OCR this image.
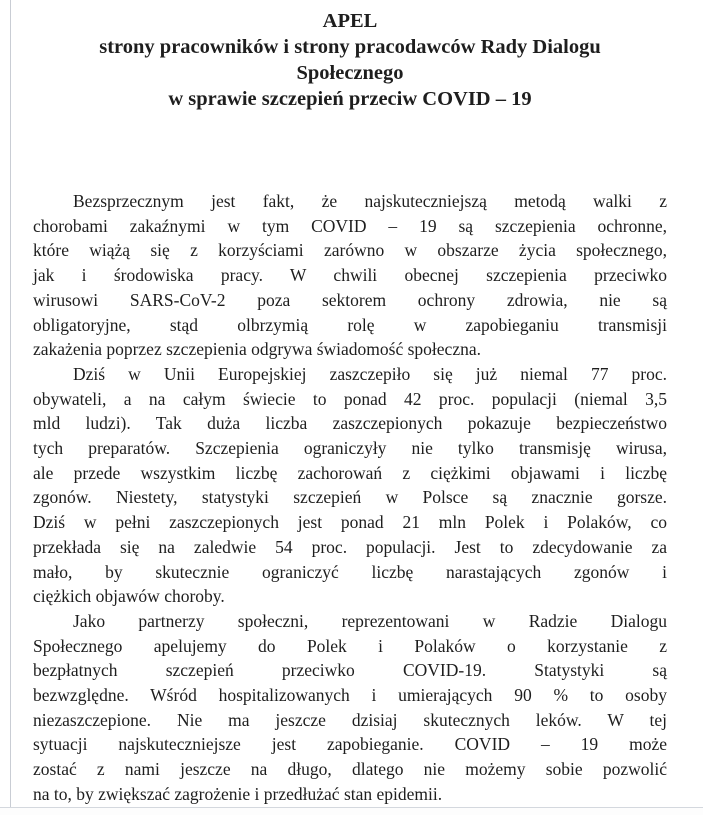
APEL
strony pracowników i strony pracodawców Rady Dialogu
Społecznego
w sprawie szczepień przeciw COVID – 19
Bezsprzecznym jest fakt, że najskuteczniejszą metodą walki z
chorobami zakaźnymi w tym COVID – 19 są szczepienia ochronne,
które wiążą się z korzyściami zarówno w obszarze życia społecznego,
jak i środowiska pracy. W chwili obecnej szczepienia przeciwko
wirusowi SARS-CoV-2 poza sektorem ochrony zdrowia, nie są
obligatoryjne, stąd olbrzymią rolę w zapobieganiu transmisji
zakażenia poprzez szczepienia odgrywa świadomość społeczna.
Dziś w Unii Europejskiej zaszczepiło się już niemal 77 proc.
obywateli, a na całym świecie to ponad 42 proc. populacji (niemal 3,5
mld ludzi). Tak duża liczba zaszczepionych pokazuje bezpieczeństwo
tych preparatów. Szczepienia ograniczyły nie tylko transmisję wirusa,
ale przede wszystkim liczbę zachorowań z ciężkimi objawami i liczbę
zgonów. Niestety, statystyki szczepień w Polsce są znacznie gorsze.
Dziś w pełni zaszczepionych jest ponad 21 mln Polek i Polaków, co
przekłada się na zaledwie 54 proc. populacji. Jest to zdecydowanie za
mało, by skutecznie ograniczyć liczbę narastających zgonów i
ciężkich objawów choroby.
Jako partnerzy społeczni, reprezentowani w Radzie Dialogu
Społecznego apelujemy do Polek i Polaków o korzystanie z
bezpłatnych szczepień przeciwko COVID-19. Statystyki są
bezwzględne. Wśród hospitalizowanych i umierających 90 % to osoby
niezaszczepione. Nie ma jeszcze dzisiaj skutecznych leków. W tej
sytuacji najskuteczniejsze jest zapobieganie. COVID – 19 może
zostać z nami jeszcze na długo, dlatego nie możemy sobie pozwolić
na to, by zwiększać zagrożenie i przedłużać stan epidemii.
